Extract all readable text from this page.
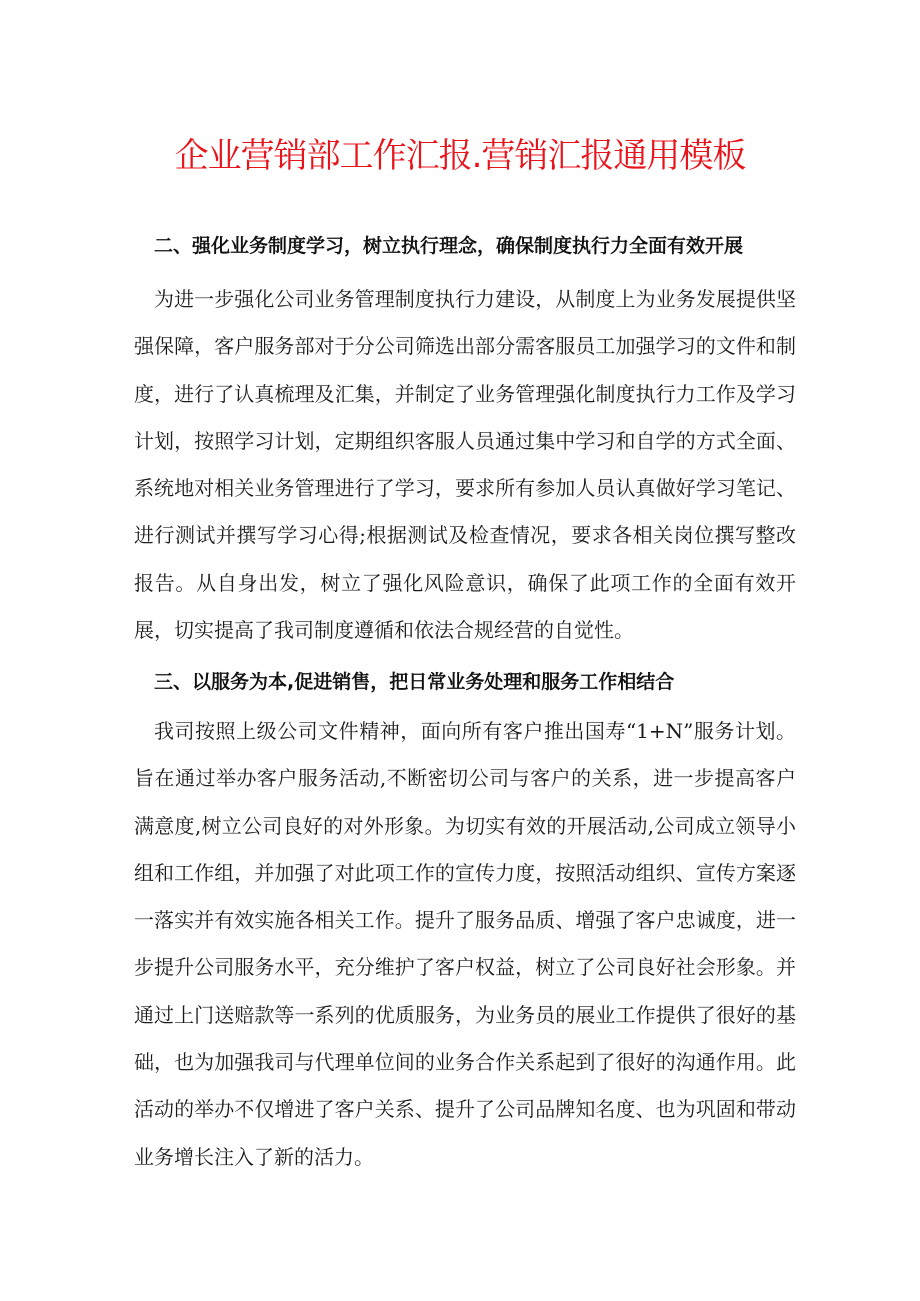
企业营销部工作汇报.营销汇报通用模板
二、强化业务制度学习，树立执行理念，确保制度执行力全面有效开展

为进一步强化公司业务管理制度执行力建设，从制度上为业务发展提供坚强保障，客户服务部对于分公司筛选出部分需客服员工加强学习的文件和制度，进行了认真梳理及汇集，并制定了业务管理强化制度执行力工作及学习计划，按照学习计划，定期组织客服人员通过集中学习和自学的方式全面、系统地对相关业务管理进行了学习，要求所有参加人员认真做好学习笔记、进行测试并撰写学习心得;根据测试及检查情况，要求各相关岗位撰写整改报告。从自身出发，树立了强化风险意识，确保了此项工作的全面有效开展，切实提高了我司制度遵循和依法合规经营的自觉性。

三、以服务为本,促进销售，把日常业务处理和服务工作相结合

我司按照上级公司文件精神，面向所有客户推出国寿“1+N”服务计划。旨在通过举办客户服务活动,不断密切公司与客户的关系，进一步提高客户满意度,树立公司良好的对外形象。为切实有效的开展活动,公司成立领导小组和工作组，并加强了对此项工作的宣传力度，按照活动组织、宣传方案逐一落实并有效实施各相关工作。提升了服务品质、增强了客户忠诚度，进一步提升公司服务水平，充分维护了客户权益，树立了公司良好社会形象。并通过上门送赔款等一系列的优质服务，为业务员的展业工作提供了很好的基础，也为加强我司与代理单位间的业务合作关系起到了很好的沟通作用。此活动的举办不仅增进了客户关系、提升了公司品牌知名度、也为巩固和带动业务增长注入了新的活力。
